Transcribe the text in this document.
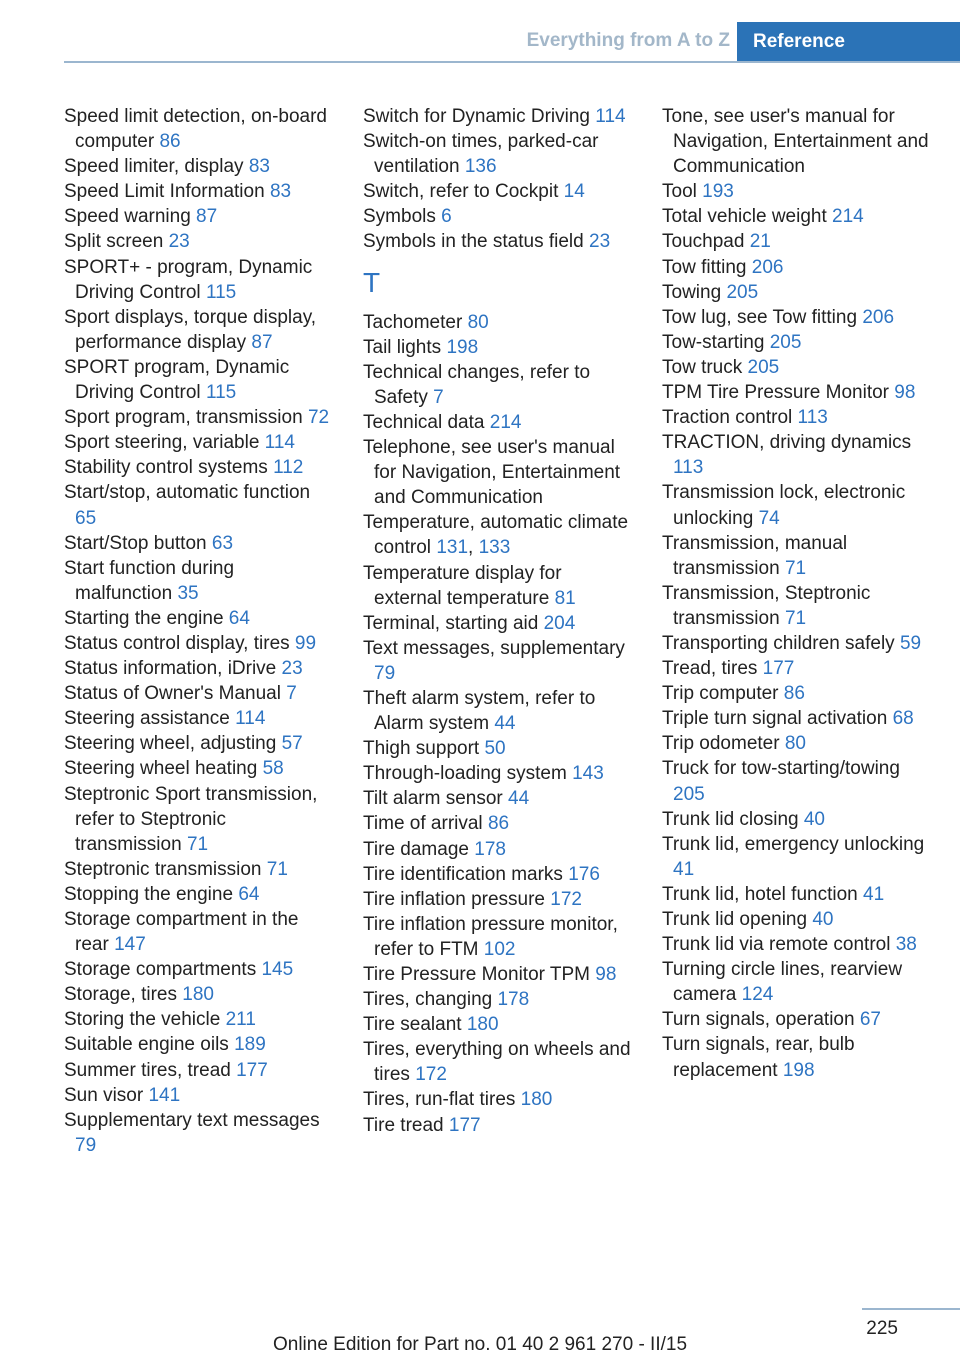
Everything from A to Z	Reference
Speed limit detection, on-board computer 86
Speed limiter, display 83
Speed Limit Information 83
Speed warning 87
Split screen 23
SPORT+ - program, Dynamic Driving Control 115
Sport displays, torque display, performance display 87
SPORT program, Dynamic Driving Control 115
Sport program, transmission 72
Sport steering, variable 114
Stability control systems 112
Start/stop, automatic function 65
Start/Stop button 63
Start function during malfunction 35
Starting the engine 64
Status control display, tires 99
Status information, iDrive 23
Status of Owner's Manual 7
Steering assistance 114
Steering wheel, adjusting 57
Steering wheel heating 58
Steptronic Sport transmission, refer to Steptronic transmission 71
Steptronic transmission 71
Stopping the engine 64
Storage compartment in the rear 147
Storage compartments 145
Storage, tires 180
Storing the vehicle 211
Suitable engine oils 189
Summer tires, tread 177
Sun visor 141
Supplementary text messages 79
Switch for Dynamic Driving 114
Switch-on times, parked-car ventilation 136
Switch, refer to Cockpit 14
Symbols 6
Symbols in the status field 23
T
Tachometer 80
Tail lights 198
Technical changes, refer to Safety 7
Technical data 214
Telephone, see user's manual for Navigation, Entertainment and Communication
Temperature, automatic climate control 131, 133
Temperature display for external temperature 81
Terminal, starting aid 204
Text messages, supplementary 79
Theft alarm system, refer to Alarm system 44
Thigh support 50
Through-loading system 143
Tilt alarm sensor 44
Time of arrival 86
Tire damage 178
Tire identification marks 176
Tire inflation pressure 172
Tire inflation pressure monitor, refer to FTM 102
Tire Pressure Monitor TPM 98
Tires, changing 178
Tire sealant 180
Tires, everything on wheels and tires 172
Tires, run-flat tires 180
Tire tread 177
Tone, see user's manual for Navigation, Entertainment and Communication
Tool 193
Total vehicle weight 214
Touchpad 21
Tow fitting 206
Towing 205
Tow lug, see Tow fitting 206
Tow-starting 205
Tow truck 205
TPM Tire Pressure Monitor 98
Traction control 113
TRACTION, driving dynamics 113
Transmission lock, electronic unlocking 74
Transmission, manual transmission 71
Transmission, Steptronic transmission 71
Transporting children safely 59
Tread, tires 177
Trip computer 86
Triple turn signal activation 68
Trip odometer 80
Truck for tow-starting/towing 205
Trunk lid closing 40
Trunk lid, emergency unlocking 41
Trunk lid, hotel function 41
Trunk lid opening 40
Trunk lid via remote control 38
Turning circle lines, rearview camera 124
Turn signals, operation 67
Turn signals, rear, bulb replacement 198
225
Online Edition for Part no. 01 40 2 961 270 - II/15
